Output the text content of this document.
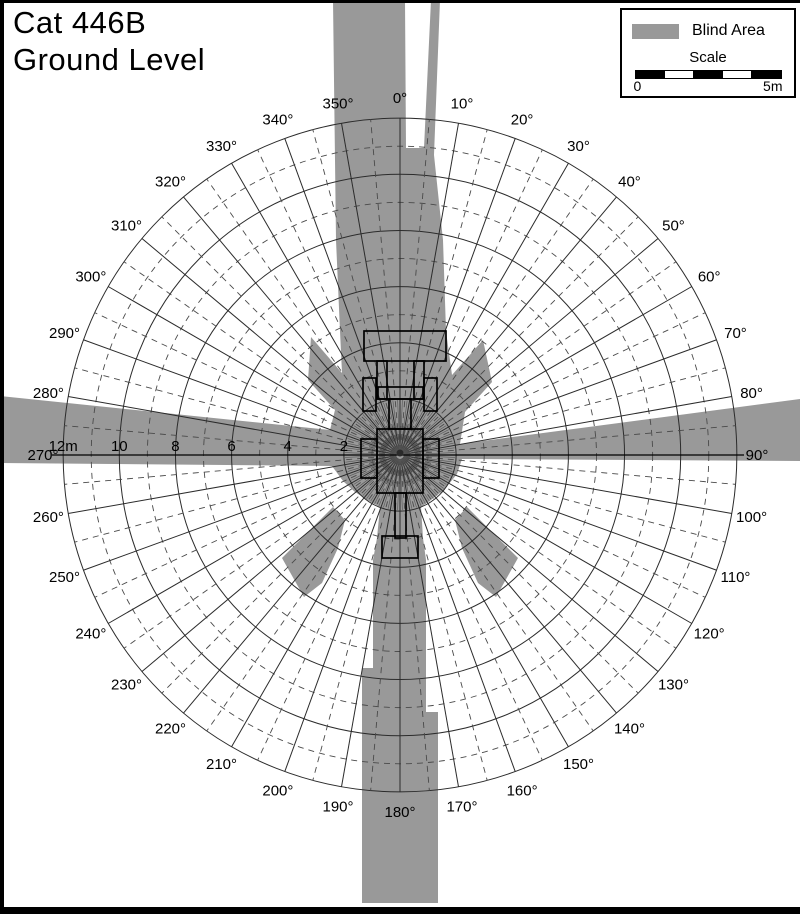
0°	10°
20°
30°
40°
50°
60°
70°
80°
90°
100°
110°
120°
130°
140°
150°
160°
170°
180°
190°
200°
210°
220°
230°
240°
250°
260°
270°
280°
290°
300°
310°
320°
330°
340°
350°
12m 10	8	6	4	2
Cat 446B
Ground Level
Blind Area
Scale
0	5m
